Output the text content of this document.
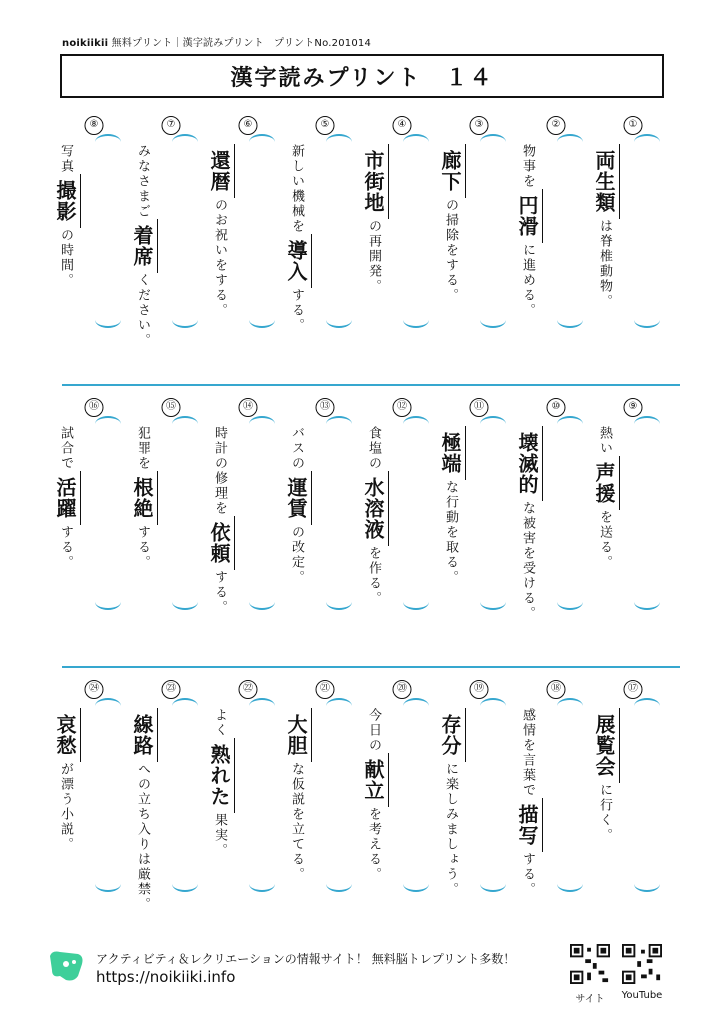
noikiikii 無料プリント｜漢字読みプリント　プリントNo.201014
漢字読みプリント　１４
①
両生類は脊椎動物。
②
物事を円滑に進める。
③
廊下の掃除をする。
④
市街地の再開発。
⑤
新しい機械を導入する。
⑥
還暦のお祝いをする。
⑦
みなさまご着席ください。
⑧
写真撮影の時間。
⑨
熱い声援を送る。
⑩
壊滅的な被害を受ける。
⑪
極端な行動を取る。
⑫
食塩の水溶液を作る。
⑬
バスの運賃の改定。
⑭
時計の修理を依頼する。
⑮
犯罪を根絶する。
⑯
試合で活躍する。
⑰
展覧会に行く。
⑱
感情を言葉で描写する。
⑲
存分に楽しみましょう。
⑳
今日の献立を考える。
㉑
大胆な仮説を立てる。
㉒
よく熟れた果実。
㉓
線路への立ち入りは厳禁。
㉔
哀愁が漂う小説。
アクティビティ＆レクリエーションの情報サイト！ 無料脳トレプリント多数！
https://noikiiki.info
サイト	YouTube
